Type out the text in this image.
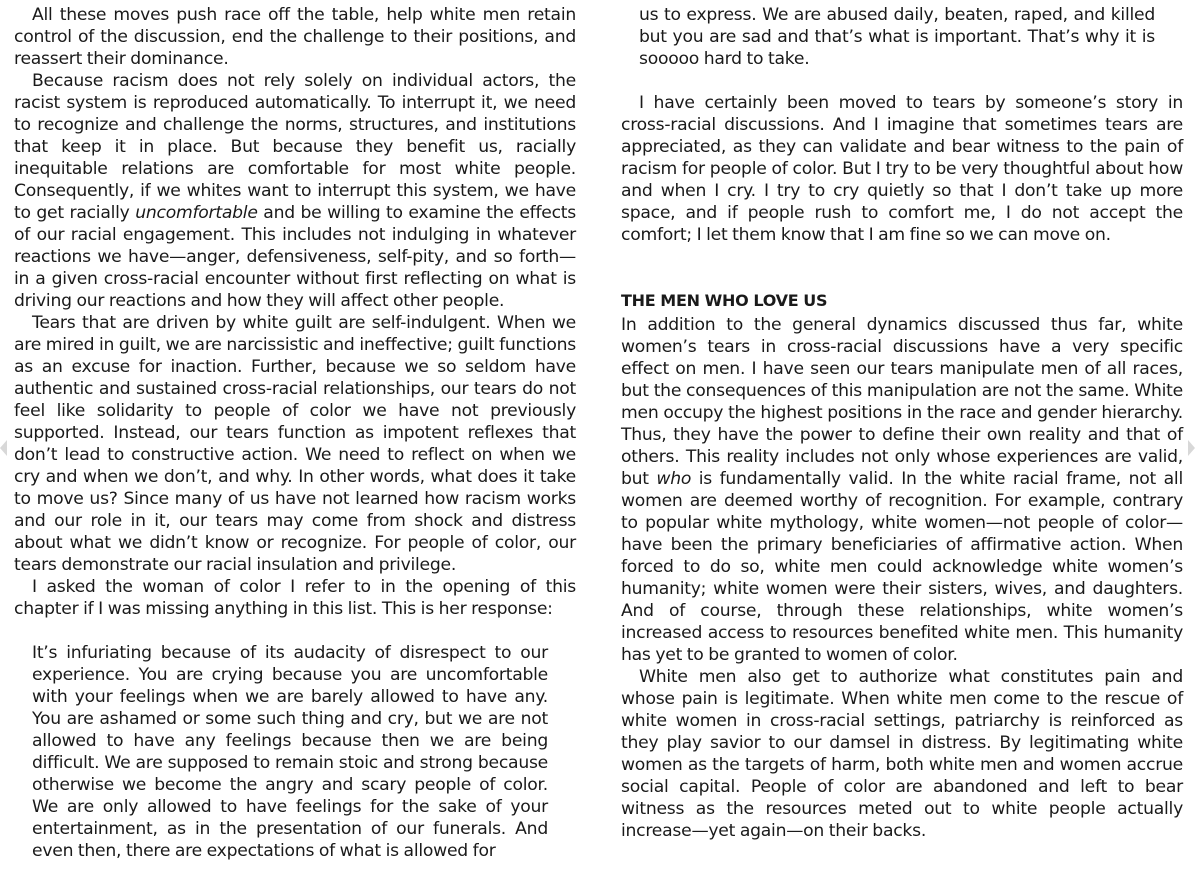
All these moves push race off the table, help white men retain control of the discussion, end the challenge to their positions, and reassert their dominance.

Because racism does not rely solely on individual actors, the racist system is reproduced automatically. To interrupt it, we need to recognize and challenge the norms, structures, and institutions that keep it in place. But because they benefit us, racially inequitable relations are comfortable for most white people. Consequently, if we whites want to interrupt this system, we have to get racially uncomfortable and be willing to examine the effects of our racial engagement. This includes not indulging in whatever reactions we have—anger, defensiveness, self-pity, and so forth—in a given cross-racial encounter without first reflecting on what is driving our reactions and how they will affect other people.

Tears that are driven by white guilt are self-indulgent. When we are mired in guilt, we are narcissistic and ineffective; guilt functions as an excuse for inaction. Further, because we so seldom have authentic and sustained cross-racial relationships, our tears do not feel like solidarity to people of color we have not previously supported. Instead, our tears function as impotent reflexes that don’t lead to constructive action. We need to reflect on when we cry and when we don’t, and why. In other words, what does it take to move us? Since many of us have not learned how racism works and our role in it, our tears may come from shock and distress about what we didn’t know or recognize. For people of color, our tears demonstrate our racial insulation and privilege.

I asked the woman of color I refer to in the opening of this chapter if I was missing anything in this list. This is her response:

It’s infuriating because of its audacity of disrespect to our experience. You are crying because you are uncomfortable with your feelings when we are barely allowed to have any. You are ashamed or some such thing and cry, but we are not allowed to have any feelings because then we are being difficult. We are supposed to remain stoic and strong because otherwise we become the angry and scary people of color. We are only allowed to have feelings for the sake of your entertainment, as in the presentation of our funerals. And even then, there are expectations of what is allowed for

us to express. We are abused daily, beaten, raped, and killed but you are sad and that’s what is important. That’s why it is sooooo hard to take.

I have certainly been moved to tears by someone’s story in cross-racial discussions. And I imagine that sometimes tears are appreciated, as they can validate and bear witness to the pain of racism for people of color. But I try to be very thoughtful about how and when I cry. I try to cry quietly so that I don’t take up more space, and if people rush to comfort me, I do not accept the comfort; I let them know that I am fine so we can move on.

THE MEN WHO LOVE US

In addition to the general dynamics discussed thus far, white women’s tears in cross-racial discussions have a very specific effect on men. I have seen our tears manipulate men of all races, but the consequences of this manipulation are not the same. White men occupy the highest positions in the race and gender hierarchy. Thus, they have the power to define their own reality and that of others. This reality includes not only whose experiences are valid, but who is fundamentally valid. In the white racial frame, not all women are deemed worthy of recognition. For example, contrary to popular white mythology, white women—not people of color—have been the primary beneficiaries of affirmative action. When forced to do so, white men could acknowledge white women’s humanity; white women were their sisters, wives, and daughters. And of course, through these relationships, white women’s increased access to resources benefited white men. This humanity has yet to be granted to women of color.

White men also get to authorize what constitutes pain and whose pain is legitimate. When white men come to the rescue of white women in cross-racial settings, patriarchy is reinforced as they play savior to our damsel in distress. By legitimating white women as the targets of harm, both white men and women accrue social capital. People of color are abandoned and left to bear witness as the resources meted out to white people actually increase—yet again—on their backs.
